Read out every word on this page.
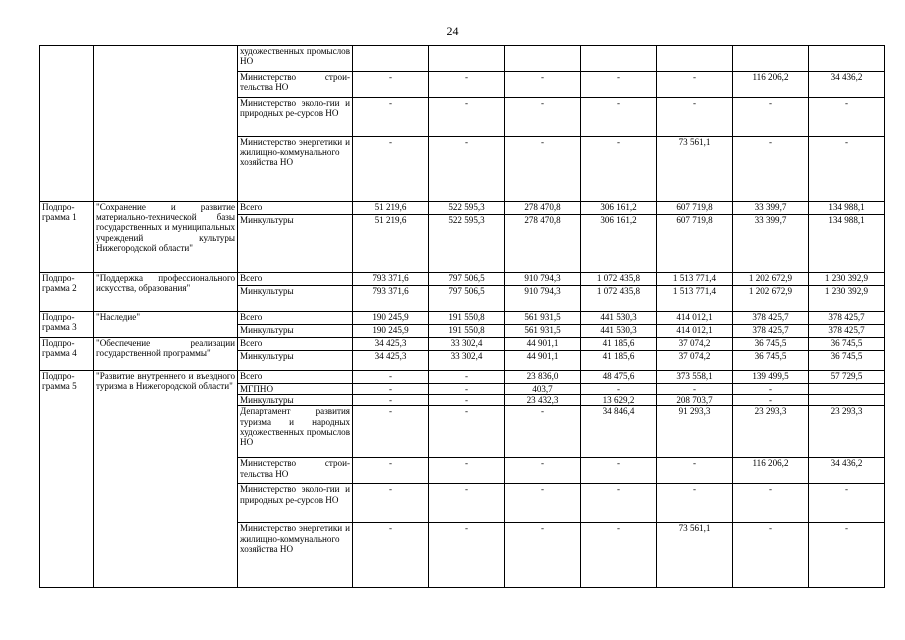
24
		художественных промыслов НО							
		Министерство строи-тельства НО	-	-	-	-	-	116 206,2	34 436,2
		Министерство эколо-гии и природных ре-сурсов НО	-	-	-	-	-	-	-
		Министерство энергетики и жилищно-коммунального хозяйства НО	-	-	-	-	73 561,1	-	-
Подпро-грамма 1	"Сохранение и развитие материально-технической базы государственных и муниципальных учреждений культуры Нижегородской области"	Всего	51 219,6	522 595,3	278 470,8	306 161,2	607 719,8	33 399,7	134 988,1
		Минкультуры	51 219,6	522 595,3	278 470,8	306 161,2	607 719,8	33 399,7	134 988,1
Подпро-грамма 2	"Поддержка профессионального искусства, образования"	Всего	793 371,6	797 506,5	910 794,3	1 072 435,8	1 513 771,4	1 202 672,9	1 230 392,9
		Минкультуры	793 371,6	797 506,5	910 794,3	1 072 435,8	1 513 771,4	1 202 672,9	1 230 392,9
Подпро-грамма 3	"Наследие"	Всего	190 245,9	191 550,8	561 931,5	441 530,3	414 012,1	378 425,7	378 425,7
		Минкультуры	190 245,9	191 550,8	561 931,5	441 530,3	414 012,1	378 425,7	378 425,7
Подпро-грамма 4	"Обеспечение реализации государственной программы"	Всего	34 425,3	33 302,4	44 901,1	41 185,6	37 074,2	36 745,5	36 745,5
		Минкультуры	34 425,3	33 302,4	44 901,1	41 185,6	37 074,2	36 745,5	36 745,5
Подпро-грамма 5	"Развитие внутреннего и въездного туризма в Нижегородской области"	Всего	-	-	23 836,0	48 475,6	373 558,1	139 499,5	57 729,5
		МГПНО	-	-	403,7	-	-	-	
		Минкультуры	-	-	23 432,3	13 629,2	208 703,7	-	
		Департамент развития туризма и народных художественных промыслов НО	-	-	-	34 846,4	91 293,3	23 293,3	23 293,3
		Министерство строи-тельства НО	-	-	-	-	-	116 206,2	34 436,2
		Министерство эколо-гии и природных ре-сурсов НО	-	-	-	-	-	-	-
		Министерство энергетики и жилищно-коммунального хозяйства НО	-	-	-	-	73 561,1	-	-
